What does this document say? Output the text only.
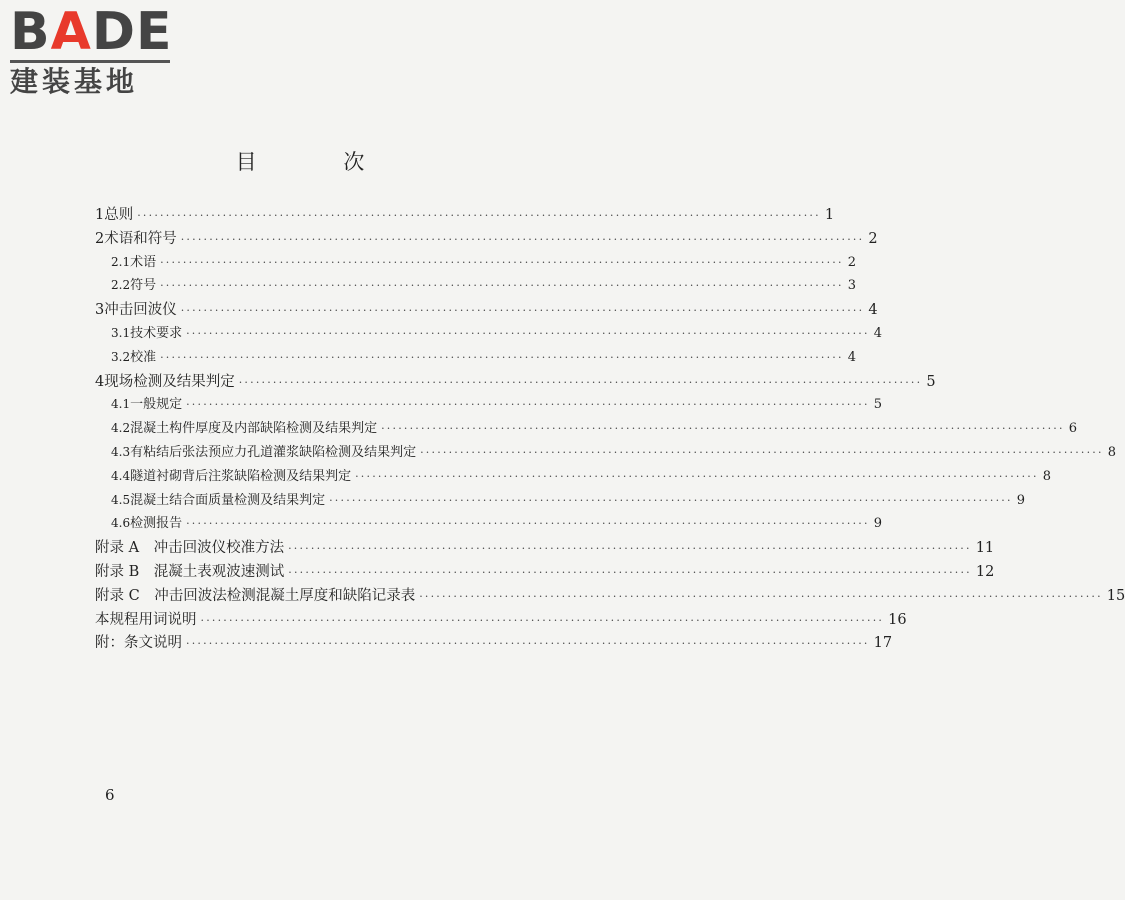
BADE
建装基地
目 次
1 总则 ························································································································ 1
2 术语和符号 ························································································································ 2
2.1 术语 ························································································································ 2
2.2 符号 ························································································································ 3
3 冲击回波仪 ························································································································ 4
3.1 技术要求 ························································································································ 4
3.2 校准 ························································································································ 4
4 现场检测及结果判定 ························································································································ 5
4.1 一般规定 ························································································································ 5
4.2 混凝土构件厚度及内部缺陷检测及结果判定 ························································································································ 6
4.3 有粘结后张法预应力孔道灌浆缺陷检测及结果判定 ························································································································ 8
4.4 隧道衬砌背后注浆缺陷检测及结果判定 ························································································································ 8
4.5 混凝土结合面质量检测及结果判定 ························································································································ 9
4.6 检测报告 ························································································································ 9
附录 A　冲击回波仪校准方法 ························································································································ 11
附录 B　混凝土表观波速测试 ························································································································ 12
附录 C　冲击回波法检测混凝土厚度和缺陷记录表 ························································································································ 15
本规程用词说明 ························································································································ 16
附：条文说明 ························································································································ 17
6
